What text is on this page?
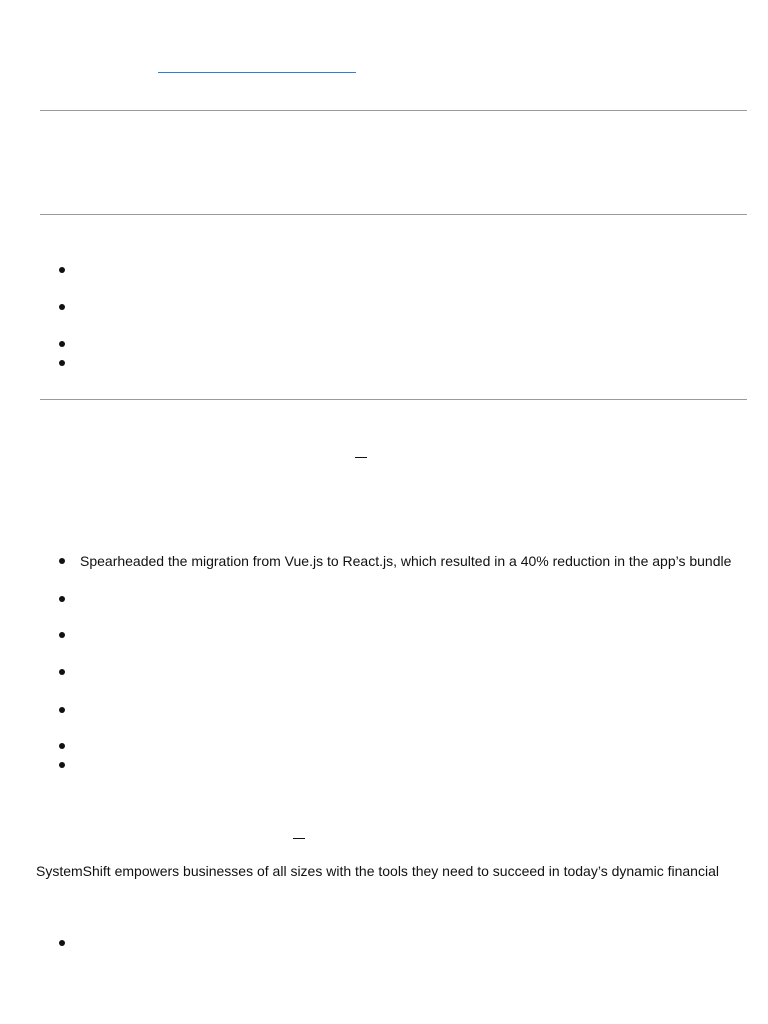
Spearheaded the migration from Vue.js to React.js, which resulted in a 40% reduction in the app’s bundle
SystemShift empowers businesses of all sizes with the tools they need to succeed in today’s dynamic financial
